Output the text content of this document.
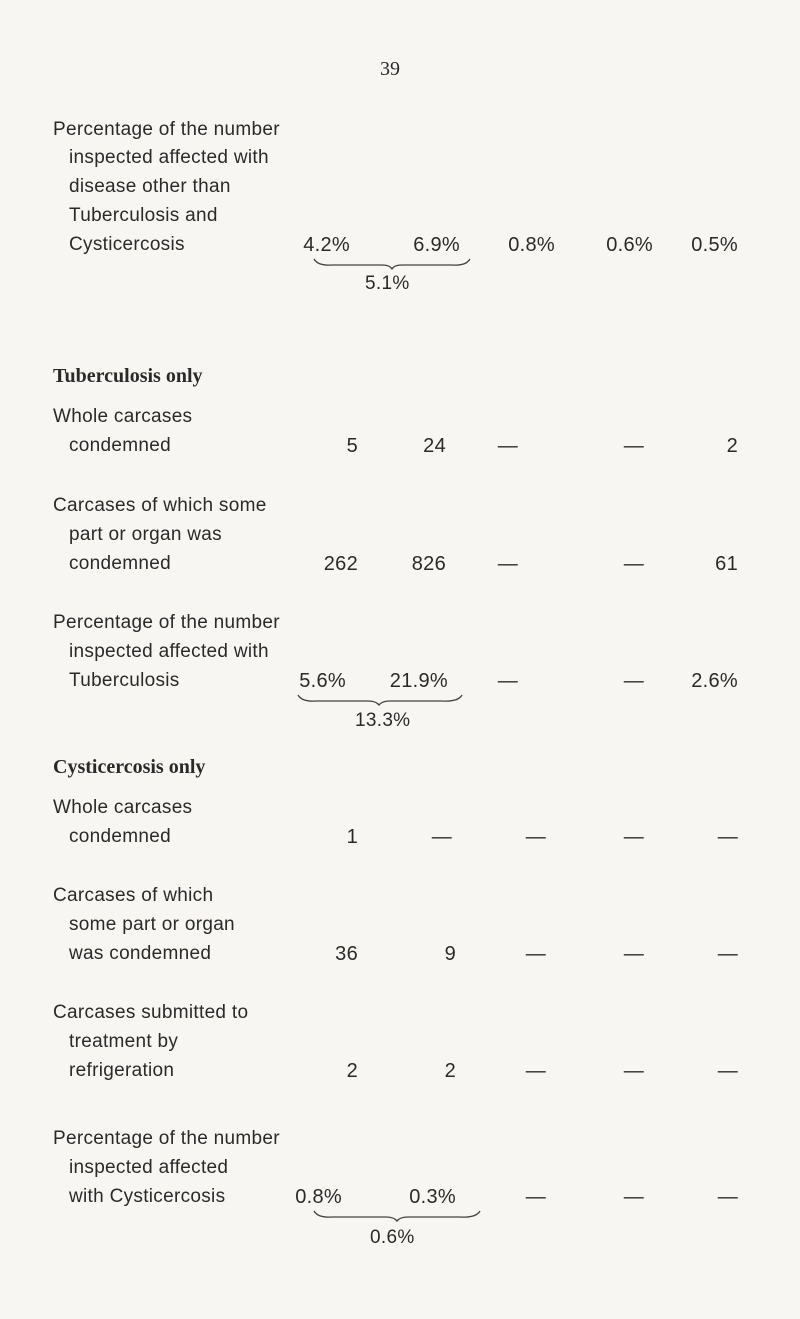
39
Percentage of the number
inspected affected with
disease other than
Tuberculosis and
Cysticercosis	4.2%	6.9%	0.8%	0.6%	0.5%
5.1%
Tuberculosis only
Whole carcases
condemned	5	24	—	—	2
Carcases of which some
part or organ was
condemned	262	826	—	—	61
Percentage of the number
inspected affected with
Tuberculosis	5.6%	21.9%	—	—	2.6%
13.3%
Cysticercosis only
Whole carcases
condemned	1	—	—	—	—
Carcases of which
some part or organ
was condemned	36	9	—	—	—
Carcases submitted to
treatment by
refrigeration	2	2	—	—	—
Percentage of the number
inspected affected
with Cysticercosis	0.8%	0.3%	—	—	—
0.6%
